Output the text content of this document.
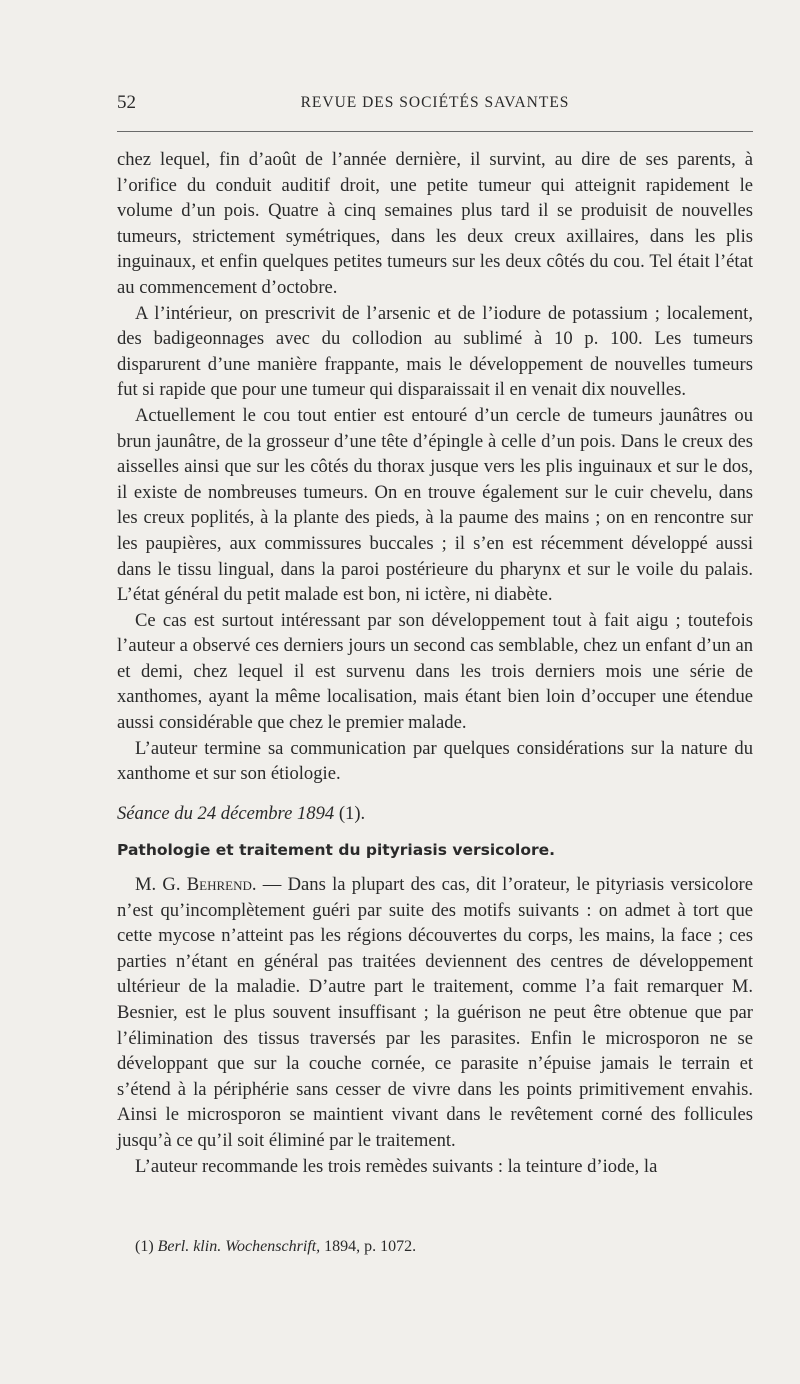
52	REVUE DES SOCIÉTÉS SAVANTES

chez lequel, fin d’août de l’année dernière, il survint, au dire de ses parents, à l’orifice du conduit auditif droit, une petite tumeur qui atteignit rapidement le volume d’un pois. Quatre à cinq semaines plus tard il se produisit de nouvelles tumeurs, strictement symétriques, dans les deux creux axillaires, dans les plis inguinaux, et enfin quelques petites tumeurs sur les deux côtés du cou. Tel était l’état au commencement d’octobre.

A l’intérieur, on prescrivit de l’arsenic et de l’iodure de potassium ; localement, des badigeonnages avec du collodion au sublimé à 10 p. 100. Les tumeurs disparurent d’une manière frappante, mais le développement de nouvelles tumeurs fut si rapide que pour une tumeur qui disparaissait il en venait dix nouvelles.

Actuellement le cou tout entier est entouré d’un cercle de tumeurs jaunâtres ou brun jaunâtre, de la grosseur d’une tête d’épingle à celle d’un pois. Dans le creux des aisselles ainsi que sur les côtés du thorax jusque vers les plis inguinaux et sur le dos, il existe de nombreuses tumeurs. On en trouve également sur le cuir chevelu, dans les creux poplités, à la plante des pieds, à la paume des mains ; on en rencontre sur les paupières, aux commissures buccales ; il s’en est récemment développé aussi dans le tissu lingual, dans la paroi postérieure du pharynx et sur le voile du palais. L’état général du petit malade est bon, ni ictère, ni diabète.

Ce cas est surtout intéressant par son développement tout à fait aigu ; toutefois l’auteur a observé ces derniers jours un second cas semblable, chez un enfant d’un an et demi, chez lequel il est survenu dans les trois derniers mois une série de xanthomes, ayant la même localisation, mais étant bien loin d’occuper une étendue aussi considérable que chez le premier malade.

L’auteur termine sa communication par quelques considérations sur la nature du xanthome et sur son étiologie.

Séance du 24 décembre 1894 (1).

Pathologie et traitement du pityriasis versicolore.

M. G. Behrend. — Dans la plupart des cas, dit l’orateur, le pityriasis versicolore n’est qu’incomplètement guéri par suite des motifs suivants : on admet à tort que cette mycose n’atteint pas les régions découvertes du corps, les mains, la face ; ces parties n’étant en général pas traitées deviennent des centres de développement ultérieur de la maladie. D’autre part le traitement, comme l’a fait remarquer M. Besnier, est le plus souvent insuffisant ; la guérison ne peut être obtenue que par l’élimination des tissus traversés par les parasites. Enfin le microsporon ne se développant que sur la couche cornée, ce parasite n’épuise jamais le terrain et s’étend à la périphérie sans cesser de vivre dans les points primitivement envahis. Ainsi le microsporon se maintient vivant dans le revêtement corné des follicules jusqu’à ce qu’il soit éliminé par le traitement.

L’auteur recommande les trois remèdes suivants : la teinture d’iode, la

(1) Berl. klin. Wochenschrift, 1894, p. 1072.
